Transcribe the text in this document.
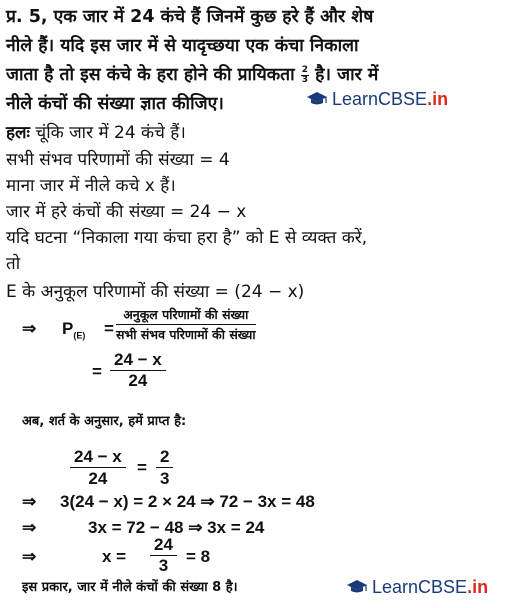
प्र. 5, एक जार में 24 कंचे हैं जिनमें कुछ हरे हैं और शेष
नीले हैं। यदि इस जार में से यादृच्छया एक कंचा निकाला
जाता है तो इस कंचे के हरा होने की प्रायिकता $\frac{2}{3}$ है। जार में
नीले कंचों की संख्या ज्ञात कीजिए।	LearnCBSE.in
हलः चूंकि जार में 24 कंचे हैं।
सभी संभव परिणामों की संख्या = 4
माना जार में नीले कचे x हैं।
जार में हरे कंचों की संख्या = 24 − x
यदि घटना “निकाला गया कंचा हरा है” को E से व्यक्त करें,
तो
E के अनुकूल परिणामों की संख्या = (24 − x)
⇒ $P_{(E)} = \frac{\text{अनुकूल परिणामों की संख्या}}{\text{सभी संभव परिणामों की संख्या}}$
= $\frac{24 - x}{24}$
अब, शर्त के अनुसार, हमें प्राप्त है:
$\frac{24 - x}{24} = \frac{2}{3}$
⇒ 3(24 − x) = 2 × 24 ⇒ 72 − 3x = 48
⇒	3x = 72 − 48 ⇒ 3x = 24
⇒	$x = \frac{24}{3} = 8$
इस प्रकार, जार में नीले कंचों की संख्या 8 है।	LearnCBSE.in
